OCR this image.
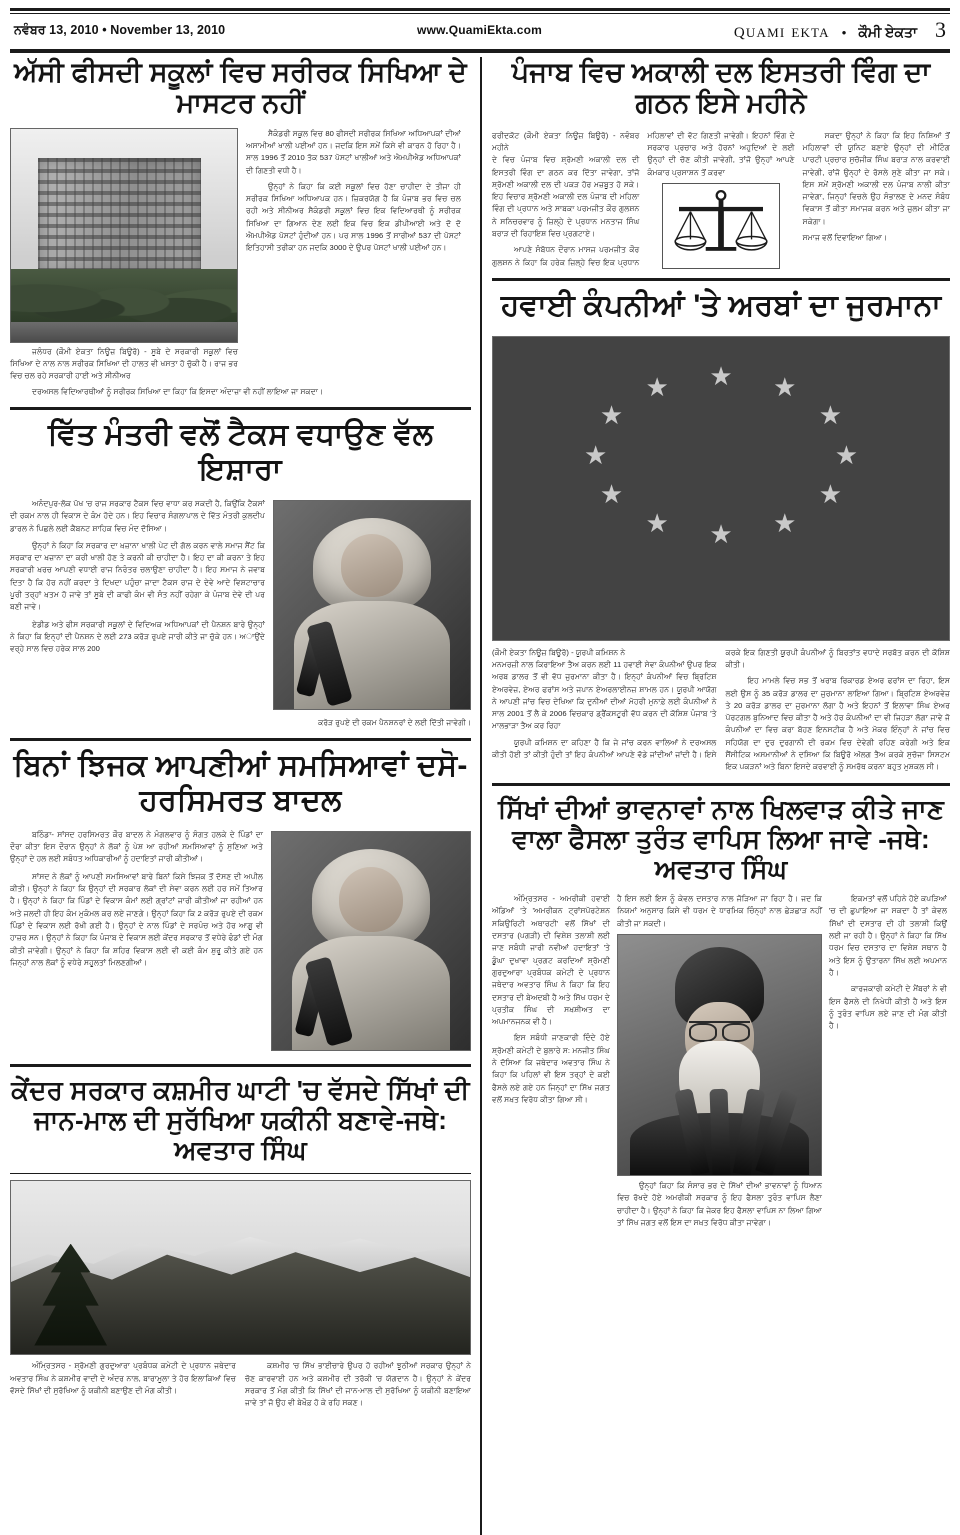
ਨਵੰਬਰ 13, 2010 • November 13, 2010	www.QuamiEkta.com	quami ekta • ਕੌਮੀ ਏਕਤਾ 3
ਅੱਸੀ ਫੀਸਦੀ ਸਕੂਲਾਂ ਵਿਚ ਸਰੀਰਕ ਸਿਖਿਆ ਦੇ ਮਾਸਟਰ ਨਹੀਂ
ਜਲੰਧਰ (ਕੌਮੀ ਏਕਤਾ ਨਿਊਜ਼ ਬਿਊਰੋ) - ਸੂਬੇ ਦੇ ਸਰਕਾਰੀ ਸਕੂਲਾਂ ਵਿਚ ਸਿਖਿਆ ਦੇ ਨਾਲ ਨਾਲ ਸਰੀਰਕ ਸਿਖਿਆ ਦੀ ਹਾਲਤ ਵੀ ਖਸਤਾ ਹੋ ਚੁੱਕੀ ਹੈ। ਰਾਜ ਭਰ ਵਿਚ ਚਲ ਰਹੇ ਸਰਕਾਰੀ ਹਾਈ ਅਤੇ ਸੀਨੀਅਰ
ਸੈਕੰਡਰੀ ਸਕੂਲ ਵਿਚ 80 ਫੀਸਦੀ ਸਰੀਰਕ ਸਿਖਿਆ ਅਧਿਆਪਕਾਂ ਦੀਆਂ ਅਸਾਮੀਆਂ ਖਾਲੀ ਪਈਆਂ ਹਨ। ਜਦਕਿ ਇਸ ਸਮੇਂ ਕਿਸੇ ਵੀ ਕਾਰਨ ਹੋ ਰਿਹਾ ਹੈ। ਸਾਲ 1996 ਤੋਂ 2010 ਤੱਕ 537 ਪੋਸਟਾਂ ਖਾਲੀਆਂ ਅਤੇ ਐਮਪੀਐਡ ਅਧਿਆਪਕਾਂ ਦੀ ਗਿਣਤੀ ਵਧੀ ਹੈ।
ਉਨ੍ਹਾਂ ਨੇ ਕਿਹਾ ਕਿ ਕਈ ਸਕੂਲਾਂ ਵਿਚ ਹੋਣਾ ਚਾਹੀਦਾ ਦੇ ਤੀਜਾ ਹੀ ਸਰੀਰਕ ਸਿਖਿਆ ਅਧਿਆਪਕ ਹਨ। ਜ਼ਿਕਰਯੋਗ ਹੈ ਕਿ ਪੰਜਾਬ ਭਰ ਵਿਚ ਚਲ ਰਹੀ ਅਤੇ ਸੀਨੀਅਰ ਸੈਕੰਡਰੀ ਸਕੂਲਾਂ ਵਿਚ ਇਕ ਵਿਦਿਆਰਥੀ ਨੂੰ ਸਰੀਰਕ ਸਿਖਿਆ ਦਾ ਗਿਆਨ ਦੇਣ ਲਈ ਇਕ ਵਿਚ ਇਕ ਡੀਪੀਆਈ ਅਤੇ ਦੋ ਦੋ ਐਮਪੀਐਡ ਪੋਸਟਾਂ ਹੁੰਦੀਆਂ ਹਨ। ਪਰ ਸਾਲ 1996 ਤੋਂ ਸਾਰੀਆਂ 537 ਦੀ ਪੋਸਟਾਂ ਇਤਿਹਾਸੀ ਤਰੀਕਾ ਹਨ ਜਦਕਿ 3000 ਦੇ ਉਪਰ ਪੋਸਟਾਂ ਖਾਲੀ ਪਈਆਂ ਹਨ।
ਦਰਅਸਲ ਵਿਦਿਆਰਥੀਆਂ ਨੂੰ ਸਰੀਰਕ ਸਿਖਿਆ ਦਾ ਕਿਹਾ ਕਿ ਇਸਦਾ ਅੰਦਾਜ਼ਾ ਵੀ ਨਹੀਂ ਲਾਇਆ ਜਾ ਸਕਦਾ।
ਵਿੱਤ ਮੰਤਰੀ ਵਲੋਂ ਟੈਕਸ ਵਧਾਉਣ ਵੱਲ ਇਸ਼ਾਰਾ
ਅਨੰਦਪੁਰ-ਲੋਕ ਪੱਖ 'ਚ ਰਾਜ ਸਰਕਾਰ ਟੈਕਸ ਵਿਚ ਵਾਧਾ ਕਰ ਸਕਦੀ ਹੈ, ਕਿਉਂਕਿ ਟੈਕਸਾਂ ਦੀ ਰਕਮ ਨਾਲ ਹੀ ਵਿਕਾਸ ਦੇ ਕੰਮ ਹੋਦੇ ਹਨ। ਇਹ ਵਿਚਾਰ ਸੰਗਲਾਪਾਲ ਦੇ ਵਿੱਤ ਮੰਤਰੀ ਕੁਲਦੀਪ ਡਾਰਲ ਨੇ ਪਿਛਲੇ ਲਈ ਕੈਬਨਟ ਸ਼ਾਹਿਕ ਵਿਚ ਮੰਦ ਦੱਸਿਆ।
ਉਨ੍ਹਾਂ ਨੇ ਕਿਹਾ ਕਿ ਸਰਕਾਰ ਦਾ ਖ਼ਜ਼ਾਨਾ ਖਾਲੀ ਪੇਟ ਦੀ ਗੱਲ ਕਰਨ ਵਾਲੇ ਸਮਾਜ ਸੈਂਟ ਕਿ ਸਰਕਾਰ ਦਾ ਖ਼ਜ਼ਾਨਾ ਦਾ ਕਰੀ ਖਾਲੀ ਹੋਣ ਤੇ ਕਰਨੀ ਕੀ ਚਾਹੀਦਾ ਹੈ। ਇਹ ਦਾ ਕੀ ਕਰਨਾ ਤੇ ਇਹ ਸਰਕਾਰੀ ਖ਼ਰਚ ਆਪਣੀ ਵਧਾਈ ਰਾਜ ਨਿਰੰਤਰ ਚਲਾਉਣਾ ਚਾਹੀਦਾ ਹੈ। ਇਹ ਸਮਾਜ ਨੇ ਜਵਾਬ ਦਿਤਾ ਹੈ ਕਿ ਹੋਰ ਨਹੀਂ ਕਰਦਾ ਤੇ ਦਿਖਦਾ ਪਹੁੰਚਾ ਜਾਦਾ ਟੈਕਸ ਰਾਜ ਦੇ ਦੇਵੇ ਆਦੇ ਵਿਸ਼ਟਾਚਾਰ ਪੂਰੀ ਤਰ੍ਹਾਂ ਖ਼ਤਮ ਹੋ ਜਾਵੇ ਤਾਂ ਸੂਬੇ ਦੀ ਕਾਫੀ ਕੰਮ ਵੀ ਸੰਤ ਨਹੀਂ ਰਹੇਗਾ ਕੇ ਪੰਜਾਬ ਦੇਵੇ ਦੀ ਪਰ ਬਣੀ ਜਾਵੇ।
ਏਡੀਡ ਅਤੇ ਫੀਸ ਸਰਕਾਰੀ ਸਕੂਲਾਂ ਦੇ ਵਿਦਿਅਕ ਅਧਿਆਪਕਾਂ ਦੀ ਪੈਨਸ਼ਨ ਬਾਰੇ ਉਨ੍ਹਾਂ ਨੇ ਕਿਹਾ ਕਿ ਇਨ੍ਹਾਂ ਦੀ ਪੈਨਸ਼ਨ ਦੇ ਲਈ 273 ਕਰੋੜ ਰੁਪਏ ਜਾਰੀ ਕੀਤੇ ਜਾ ਚੁੱਕੇ ਹਨ। ਅਾਉਂਦੇ ਵਰ੍ਹੇ ਸਾਲ ਵਿਚ ਹਰੇਕ ਸਾਲ 200
ਕਰੋੜ ਰੁਪਏ ਦੀ ਰਕਮ ਪੈਨਸ਼ਨਰਾਂ ਦੇ ਲਈ ਦਿੱਤੀ ਜਾਵੇਗੀ।
ਬਿਨਾਂ ਝਿਜਕ ਆਪਣੀਆਂ ਸਮਸਿਆਵਾਂ ਦਸੋ-ਹਰਸਿਮਰਤ ਬਾਦਲ
ਬਠਿੰਡਾ- ਸਾਂਸਦ ਹਰਸਿਮਰਤ ਕੌਰ ਬਾਦਲ ਨੇ ਮੰਗਲਵਾਰ ਨੂੰ ਸੰਗਤ ਹਲਕੇ ਦੇ ਪਿੰਡਾਂ ਦਾ ਦੌਰਾ ਕੀਤਾ ਇਸ ਦੌਰਾਨ ਉਨ੍ਹਾਂ ਨੇ ਲੋਕਾਂ ਨੂੰ ਪੇਸ਼ ਆ ਰਹੀਆਂ ਸਮਸਿਆਵਾਂ ਨੂੰ ਸੁਣਿਆ ਅਤੇ ਉਨ੍ਹਾਂ ਦੇ ਹਲ ਲਈ ਸਬੰਧਤ ਅਧਿਕਾਰੀਆਂ ਨੂੰ ਹਦਾਇਤਾਂ ਜਾਰੀ ਕੀਤੀਆਂ।
ਸਾਂਸਦ ਨੇ ਲੋਕਾਂ ਨੂੰ ਆਪਣੀ ਸਮਸਿਆਵਾਂ ਬਾਰੇ ਬਿਨਾਂ ਕਿਸੇ ਝਿਜਕ ਤੋਂ ਦੱਸਣ ਦੀ ਅਪੀਲ ਕੀਤੀ। ਉਨ੍ਹਾਂ ਨੇ ਕਿਹਾ ਕਿ ਉਨ੍ਹਾਂ ਦੀ ਸਰਕਾਰ ਲੋਕਾਂ ਦੀ ਸੇਵਾ ਕਰਨ ਲਈ ਹਰ ਸਮੇਂ ਤਿਆਰ ਹੈ। ਉਨ੍ਹਾਂ ਨੇ ਕਿਹਾ ਕਿ ਪਿੰਡਾਂ ਦੇ ਵਿਕਾਸ ਕੰਮਾਂ ਲਈ ਗ੍ਰਾਂਟਾਂ ਜਾਰੀ ਕੀਤੀਆਂ ਜਾ ਰਹੀਆਂ ਹਨ ਅਤੇ ਜਲਦੀ ਹੀ ਇਹ ਕੰਮ ਮੁਕੰਮਲ ਕਰ ਲਏ ਜਾਣਗੇ। ਉਨ੍ਹਾਂ ਕਿਹਾ ਕਿ 2 ਕਰੋੜ ਰੁਪਏ ਦੀ ਰਕਮ ਪਿੰਡਾਂ ਦੇ ਵਿਕਾਸ ਲਈ ਰੱਖੀ ਗਈ ਹੈ। ਉਨ੍ਹਾਂ ਦੇ ਨਾਲ ਪਿੰਡਾਂ ਦੇ ਸਰਪੰਚ ਅਤੇ ਹੋਰ ਆਗੂ ਵੀ ਹਾਜ਼ਰ ਸਨ। ਉਨ੍ਹਾਂ ਨੇ ਕਿਹਾ ਕਿ ਪੰਜਾਬ ਦੇ ਵਿਕਾਸ ਲਈ ਕੇਂਦਰ ਸਰਕਾਰ ਤੋਂ ਵਧੇਰੇ ਫੰਡਾਂ ਦੀ ਮੰਗ ਕੀਤੀ ਜਾਵੇਗੀ। ਉਨ੍ਹਾਂ ਨੇ ਕਿਹਾ ਕਿ ਸ਼ਹਿਰ ਵਿਕਾਸ ਲਈ ਵੀ ਕਈ ਕੰਮ ਸ਼ੁਰੂ ਕੀਤੇ ਗਏ ਹਨ ਜਿਨ੍ਹਾਂ ਨਾਲ ਲੋਕਾਂ ਨੂੰ ਵਧੇਰੇ ਸਹੂਲਤਾਂ ਮਿਲਣਗੀਆਂ।
ਕੇਂਦਰ ਸਰਕਾਰ ਕਸ਼ਮੀਰ ਘਾਟੀ 'ਚ ਵੱਸਦੇ ਸਿੱਖਾਂ ਦੀ ਜਾਨ-ਮਾਲ ਦੀ ਸੁਰੱਖਿਆ ਯਕੀਨੀ ਬਣਾਵੇ-ਜਥੇ: ਅਵਤਾਰ ਸਿੰਘ
ਅੰਮ੍ਰਿਤਸਰ - ਸ਼੍ਰੋਮਣੀ ਗੁਰਦੁਆਰਾ ਪ੍ਰਬੰਧਕ ਕਮੇਟੀ ਦੇ ਪ੍ਰਧਾਨ ਜਥੇਦਾਰ ਅਵਤਾਰ ਸਿੰਘ ਨੇ ਕਸ਼ਮੀਰ ਵਾਦੀ ਦੇ ਅੰਦਰ ਨਾਲ, ਬਾਰਾਮੂਲਾ ਤੇ ਹੋਰ ਇਲਾਕਿਆਂ ਵਿਚ ਵੱਸਦੇ ਸਿੱਖਾਂ ਦੀ ਸੁਰੱਖਿਆ ਨੂੰ ਯਕੀਨੀ ਬਣਾਉਣ ਦੀ ਮੰਗ ਕੀਤੀ।
ਕਸ਼ਮੀਰ 'ਚ ਸਿੱਖ ਭਾਈਚਾਰੇ ਉਪਰ ਹੋ ਰਹੀਆਂ ਝੂਠੀਆਂ ਸਰਕਾਰ ਉਨ੍ਹਾਂ ਨੇ ਚੋਣ ਕਾਰਵਾਈ ਹਨ ਅਤੇ ਕਸ਼ਮੀਰ ਦੀ ਤਰੱਕੀ 'ਚ ਯੋਗਦਾਨ ਹੈ। ਉਨ੍ਹਾਂ ਨੇ ਕੇਂਦਰ ਸਰਕਾਰ ਤੋਂ ਮੰਗ ਕੀਤੀ ਕਿ ਸਿੱਖਾਂ ਦੀ ਜਾਨ-ਮਾਲ ਦੀ ਸੁਰੱਖਿਆ ਨੂੰ ਯਕੀਨੀ ਬਣਾਇਆ ਜਾਵੇ ਤਾਂ ਜੋ ਉਹ ਵੀ ਬੇਖ਼ੌਫ਼ ਹੋ ਕੇ ਰਹਿ ਸਕਣ।
ਪੰਜਾਬ ਵਿਚ ਅਕਾਲੀ ਦਲ ਇਸਤਰੀ ਵਿੰਗ ਦਾ ਗਠਨ ਇਸੇ ਮਹੀਨੇ
ਫਰੀਦਕੋਟ (ਕੌਮੀ ਏਕਤਾ ਨਿਊਜ਼ ਬਿਊਰੋ) - ਨਵੰਬਰ ਮਹੀਨੇ
ਦੇ ਵਿਚ ਪੰਜਾਬ ਵਿਚ ਸ਼੍ਰੋਮਣੀ ਅਕਾਲੀ ਦਲ ਦੀ ਇਸਤਰੀ ਵਿੰਗ ਦਾ ਗਠਨ ਕਰ ਦਿੱਤਾ ਜਾਵੇਗਾ, ਤਾਂਜੋ ਸ਼੍ਰੋਮਣੀ ਅਕਾਲੀ ਦਲ ਦੀ ਪਕੜ ਹੋਰ ਮਜ਼ਬੂਤ ਹੋ ਸਕੇ। ਇਹ ਵਿਚਾਰ ਸ਼੍ਰੋਮਣੀ ਅਕਾਲੀ ਦਲ ਪੰਜਾਬ ਦੀ ਮਹਿਲਾ ਵਿੰਗ ਦੀ ਪ੍ਰਧਾਨ ਅਤੇ ਸਾਬਕਾ ਪਰਮਜੀਤ ਕੌਰ ਗੁਲਸ਼ਨ ਨੇ ਸਨਿਚਰਵਾਰ ਨੂੰ ਜ਼ਿਲ੍ਹੇ ਦੇ ਪ੍ਰਧਾਨ ਮਨਤਾਜ ਸਿੰਘ ਬਰਾੜ ਦੀ ਰਿਹਾਇਸ਼ ਵਿਚ ਪ੍ਰਗਟਾਏ।
ਆਪਣੇ ਸੰਬੋਧਨ ਦੌਰਾਨ ਮਾਸਜ ਪਰਮਜੀਤ ਕੌਰ ਗੁਲਸ਼ਨ ਨੇ ਕਿਹਾ ਕਿ ਹਰੇਕ ਜ਼ਿਲ੍ਹੇ ਵਿਚ ਇਕ ਪ੍ਰਧਾਨ ਮਹਿਲਾਵਾਂ ਦੀ ਵੋਟ ਗਿਣਤੀ ਜਾਵੇਗੀ। ਇਹਨਾਂ ਵਿੰਗ ਦੇ ਸਰਕਾਰ ਪ੍ਰਚਾਰ ਅਤੇ ਹੋਰਨਾਂ ਅਹੁਦਿਆਂ ਦੇ ਲਈ ਉਨ੍ਹਾਂ ਦੀ ਚੋਣ ਕੀਤੀ ਜਾਵੇਗੀ, ਤਾਂਜੋ ਉਨ੍ਹਾਂ ਆਪਣੇ ਕੰਮਕਾਰ ਪ੍ਰਸਾਸ਼ਨ ਤੋਂ ਕਰਵਾ
ਸਕਦਾ ਉਨ੍ਹਾਂ ਨੇ ਕਿਹਾ ਕਿ ਇਹ ਨਿਸ਼ਿਆਂ ਤੋਂ ਮਹਿਲਾਵਾਂ ਦੀ ਯੂਨਿਟ ਬਣਾਏ ਉਨ੍ਹਾਂ ਦੀ ਮੀਟਿੰਗ ਪਾਰਟੀ ਪ੍ਰਚਾਰ ਸੁਚੱਜੀਕ ਸਿੰਘ ਬਰਾੜ ਨਾਲ ਕਰਵਾਈ ਜਾਵੇਗੀ, ਰਾਂਜੋ ਉਨ੍ਹਾਂ ਦੇ ਰੋਸਲੇ ਸੁਣੇ ਕੀਤਾ ਜਾ ਸਕੇ। ਇਸ ਸਮੇਂ ਸ਼੍ਰੋਮਣੀ ਅਕਾਲੀ ਦਲ ਪੰਜਾਬ ਨਾਲੀ ਕੀਤਾ ਜਾਵੇਗਾ, ਜਿਨ੍ਹਾਂ ਵਿਚਲੇ ਉਹ ਸੰਭਾਲਣ ਦੇ ਮਨਦ ਸੰਬੰਧ ਵਿਕਾਸ ਤੋਂ ਕੀਤਾ ਸਮਾਜਕ ਕਰਨ ਅਤੇ ਜ਼ੁਲਮ ਕੀਤਾ ਜਾ ਸਕੇਗਾ।
ਸਮਾਜ ਵਲੋਂ ਦਿਵਾਇਆ ਗਿਆ।
ਹਵਾਈ ਕੰਪਨੀਆਂ 'ਤੇ ਅਰਬਾਂ ਦਾ ਜੁਰਮਾਨਾ
★ ★
★
★
★
★
★
★
★
★
★
★
(ਕੌਮੀ ਏਕਤਾ ਨਿਊਜ਼ ਬਿਊਰੋ) - ਯੂਰਪੀ ਕਮਿਸ਼ਨ ਨੇ
ਮਨਮਰਜ਼ੀ ਨਾਲ ਕਿਰਾਇਆ ਤੈਅ ਕਰਨ ਲਈ 11 ਹਵਾਈ ਸੇਵਾ ਕੰਪਨੀਆਂ ਉਪਰ ਇਕ ਅਰਬ ਡਾਲਰ ਤੋਂ ਵੀ ਵੱਧ ਜੁਰਮਾਨਾ ਕੀਤਾ ਹੈ। ਇਨ੍ਹਾਂ ਕੰਪਨੀਆਂ ਵਿਚ ਬ੍ਰਿਟਿਸ਼ ਏਅਰਵੇਜ਼, ਏਅਰ ਫਰਾਂਸ ਅਤੇ ਜਪਾਨ ਏਅਰਲਾਈਨਜ਼ ਸ਼ਾਮਲ ਹਨ। ਯੂਰਪੀ ਆਯੋਗ ਨੇ ਆਪਣੀ ਜਾਂਚ ਵਿਚ ਦੇਖਿਆ ਕਿ ਦੁਨੀਆਂ ਦੀਆਂ ਮੋਹਰੀ ਮੁਨਾਫ਼ੇ ਲਈ ਕੰਪਨੀਆਂ ਨੇ ਸਾਲ 2001 ਤੋਂ ਲੈ ਕੇ 2006 ਵਿਚਕਾਰ ਡ੍ਰੈਂਕਸਟੂਰੀ ਵੱਧ ਕਰਨ ਦੀ ਕੋਸ਼ਿਸ਼ ਪੰਜਾਬ 'ਤੇ ਮਾਲਭਾੜਾ ਤੈਅ ਕਰ ਰਿਹਾ
ਯੂਰਪੀ ਕਮਿਸ਼ਨ ਦਾ ਕਹਿਣਾ ਹੈ ਕਿ ਜੇ ਜਾਂਚ ਕਰਨ ਵਾਲਿਆਂ ਨੇ ਦਰਅਸਲ ਕੀਤੀ ਹੋਈ ਤਾਂ ਕੀਤੀ ਹੁੰਦੀ ਤਾਂ ਇਹ ਕੰਪਨੀਆਂ ਆਪਣੇ ਵੱਡੇ ਜਾਂਦੀਆਂ ਜਾਂਦੀ ਹੈ। ਇਸੇ ਕਰਕੇ ਇਕ ਗਿਣਤੀ ਯੂਰਪੀ ਕੰਪਨੀਆਂ ਨੂੰ ਬਿਰਤਾਂਤ ਵਧਾਦੇ ਸਰਬੱਤ ਕਰਨ ਦੀ ਕੋਸ਼ਿਸ਼ ਕੀਤੀ।
ਇਹ ਮਾਮਲੇ ਵਿਚ ਸਭ ਤੋਂ ਖਰਾਬ ਰਿਕਾਰਡ ਏਅਰ ਫਰਾਂਸ ਦਾ ਰਿਹਾ, ਇਸ ਲਈ ਉਸ ਨੂੰ 35 ਕਰੋੜ ਡਾਲਰ ਦਾ ਜੁਰਮਾਨਾ ਲਾਇਆ ਗਿਆ। ਬ੍ਰਿਟਿਸ਼ ਏਅਰਵੇਜ਼ ਤੇ 20 ਕਰੋੜ ਡਾਲਰ ਦਾ ਜੁਰਮਾਨਾ ਲੱਗਾ ਹੈ ਅਤੇ ਇਹਨਾਂ ਤੋਂ ਇਲਾਵਾ ਸਿੰਘ ਏਅਰ ਪੋਰਟਗਲ ਬੁਨਿਆਦ ਵਿਚ ਕੀਤਾ ਹੈ ਅਤੇ ਹੋਰ ਕੰਪਨੀਆਂ ਦਾ ਵੀ ਜਿਹੜਾ ਲੱਗਾ ਜਾਵੇ ਜੋ ਕੰਪਨੀਆਂ ਦਾ ਵਿਚ ਕਰਾ ਬੋਹਣ ਇਨਸਟੀਕ ਹੈ ਅਤੇ ਮੋਕਰ ਇੰਨ੍ਹਾਂ ਨੇ ਜਾਂਚ ਵਿਚ ਸਹਿਯੋਗ ਦਾ ਦੁਰ ਦੁਰਗਾਨੀ ਦੀ ਰਕਮ ਵਿਚ ਦੇਵੇਗੀ ਰਹਿਣ ਕਰੇਗੀ ਅਤੇ ਇਕ ਸੈਂਸੀਟਿਕ ਅਸਮਾਨੀਆਂ ਨੇ ਦਸਿਆ ਕਿ ਬਿਊਰੋ ਅੱਲਗ ਤੈਅ ਕਰਕੇ ਸੁਚੱਜਾ ਸਿਸਟਮ ਇਕ ਪਕੜਨਾਂ ਅਤੇ ਬਿਨਾ ਇਸਦੇ ਕਰਵਾਈ ਨੂੰ ਸਮਰੱਥ ਕਰਨਾ ਬਹੁਤ ਮੁਸ਼ਕਲ ਸੀ।
ਸਿੱਖਾਂ ਦੀਆਂ ਭਾਵਨਾਵਾਂ ਨਾਲ ਖਿਲਵਾੜ ਕੀਤੇ ਜਾਣ ਵਾਲਾ ਫੈਸਲਾ ਤੁਰੰਤ ਵਾਪਿਸ ਲਿਆ ਜਾਵੇ -ਜਥੇ: ਅਵਤਾਰ ਸਿੰਘ
ਅੰਮ੍ਰਿਤਸਰ - ਅਮਰੀਕੀ ਹਵਾਈ ਅੱਡਿਆਂ 'ਤੇ 'ਅਮਰੀਕਨ ਟ੍ਰਾਂਸਪੋਰਟੇਸ਼ਨ ਸਕਿਉਰਿਟੀ ਅਥਾਰਟੀ' ਵਲੋਂ ਸਿੱਖਾਂ ਦੀ ਦਸਤਾਰ (ਪਗੜੀ) ਦੀ ਵਿਸ਼ੇਸ਼ ਤਲਾਸ਼ੀ ਲਈ ਜਾਣ ਸਬੰਧੀ ਜਾਰੀ ਨਵੀਆਂ ਹਦਾਇਤਾਂ 'ਤੇ ਡੂੰਘਾ ਦੁਖਾਵਾ ਪ੍ਰਗਟ ਕਰਦਿਆਂ ਸ਼੍ਰੋਮਣੀ ਗੁਰਦੁਆਰਾ ਪ੍ਰਬੰਧਕ ਕਮੇਟੀ ਦੇ ਪ੍ਰਧਾਨ ਜਥੇਦਾਰ ਅਵਤਾਰ ਸਿੰਘ ਨੇ ਕਿਹਾ ਕਿ ਇਹ ਦਸਤਾਰ ਦੀ ਬੇਅਦਬੀ ਹੈ ਅਤੇ ਸਿੱਖ ਧਰਮ ਦੇ ਪ੍ਰਤੀਕ ਸਿੰਘ ਦੀ ਸਖ਼ਸ਼ੀਅਤ ਦਾ ਅਪਮਾਨਜਨਕ ਵੀ ਹੈ।
ਇਸ ਸਬੰਧੀ ਜਾਣਕਾਰੀ ਦਿੰਦੇ ਹੋਏ ਸ਼੍ਰੋਮਣੀ ਕਮੇਟੀ ਦੇ ਬੁਲਾਰੇ ਸ: ਮਨਜੀਤ ਸਿੰਘ ਨੇ ਦੱਸਿਆ ਕਿ ਜਥੇਦਾਰ ਅਵਤਾਰ ਸਿੰਘ ਨੇ ਕਿਹਾ ਕਿ ਪਹਿਲਾਂ ਵੀ ਇਸ ਤਰ੍ਹਾਂ ਦੇ ਕਈ ਫੈਸਲੇ ਲਏ ਗਏ ਹਨ ਜਿਨ੍ਹਾਂ ਦਾ ਸਿੱਖ ਜਗਤ ਵਲੋਂ ਸਖ਼ਤ ਵਿਰੋਧ ਕੀਤਾ ਗਿਆ ਸੀ।
ਹੈ ਇਸ ਲਈ ਇਸ ਨੂੰ ਕੇਵਲ ਦਸਤਾਰ ਨਾਲ ਜੋੜਿਆ ਜਾ ਰਿਹਾ ਹੈ। ਜਦ ਕਿ ਨਿਯਮਾਂ ਅਨੁਸਾਰ ਕਿਸੇ ਵੀ ਧਰਮ ਦੇ ਧਾਰਮਿਕ ਚਿੰਨ੍ਹਾਂ ਨਾਲ ਛੇੜਛਾੜ ਨਹੀਂ ਕੀਤੀ ਜਾ ਸਕਦੀ।
ਉਨ੍ਹਾਂ ਕਿਹਾ ਕਿ ਸੰਸਾਰ ਭਰ ਦੇ ਸਿੱਖਾਂ ਦੀਆਂ ਭਾਵਨਾਵਾਂ ਨੂੰ ਧਿਆਨ ਵਿਚ ਰੱਖਦੇ ਹੋਏ ਅਮਰੀਕੀ ਸਰਕਾਰ ਨੂੰ ਇਹ ਫੈਸਲਾ ਤੁਰੰਤ ਵਾਪਿਸ ਲੈਣਾ ਚਾਹੀਦਾ ਹੈ। ਉਨ੍ਹਾਂ ਨੇ ਕਿਹਾ ਕਿ ਜੇਕਰ ਇਹ ਫੈਸਲਾ ਵਾਪਿਸ ਨਾ ਲਿਆ ਗਿਆ ਤਾਂ ਸਿੱਖ ਜਗਤ ਵਲੋਂ ਇਸ ਦਾ ਸਖ਼ਤ ਵਿਰੋਧ ਕੀਤਾ ਜਾਵੇਗਾ।
ਇਕਮਤਾਂ ਵਲੋਂ ਪਹਿਨੇ ਹੋਏ ਕਪੜਿਆਂ 'ਚ ਦੀ ਛੁਪਾਇਆ ਜਾ ਸਕਦਾ ਹੈ ਤਾਂ ਕੇਵਲ ਸਿੱਖਾਂ ਦੀ ਦਸਤਾਰ ਦੀ ਹੀ ਤਲਾਸ਼ੀ ਕਿਉਂ ਲਈ ਜਾ ਰਹੀ ਹੈ। ਉਨ੍ਹਾਂ ਨੇ ਕਿਹਾ ਕਿ ਸਿੱਖ ਧਰਮ ਵਿਚ ਦਸਤਾਰ ਦਾ ਵਿਸ਼ੇਸ਼ ਸਥਾਨ ਹੈ ਅਤੇ ਇਸ ਨੂੰ ਉਤਾਰਨਾ ਸਿੱਖ ਲਈ ਅਪਮਾਨ ਹੈ।
ਕਾਰਜਕਾਰੀ ਕਮੇਟੀ ਦੇ ਮੈਂਬਰਾਂ ਨੇ ਵੀ ਇਸ ਫੈਸਲੇ ਦੀ ਨਿਖੇਧੀ ਕੀਤੀ ਹੈ ਅਤੇ ਇਸ ਨੂੰ ਤੁਰੰਤ ਵਾਪਿਸ ਲਏ ਜਾਣ ਦੀ ਮੰਗ ਕੀਤੀ ਹੈ।
